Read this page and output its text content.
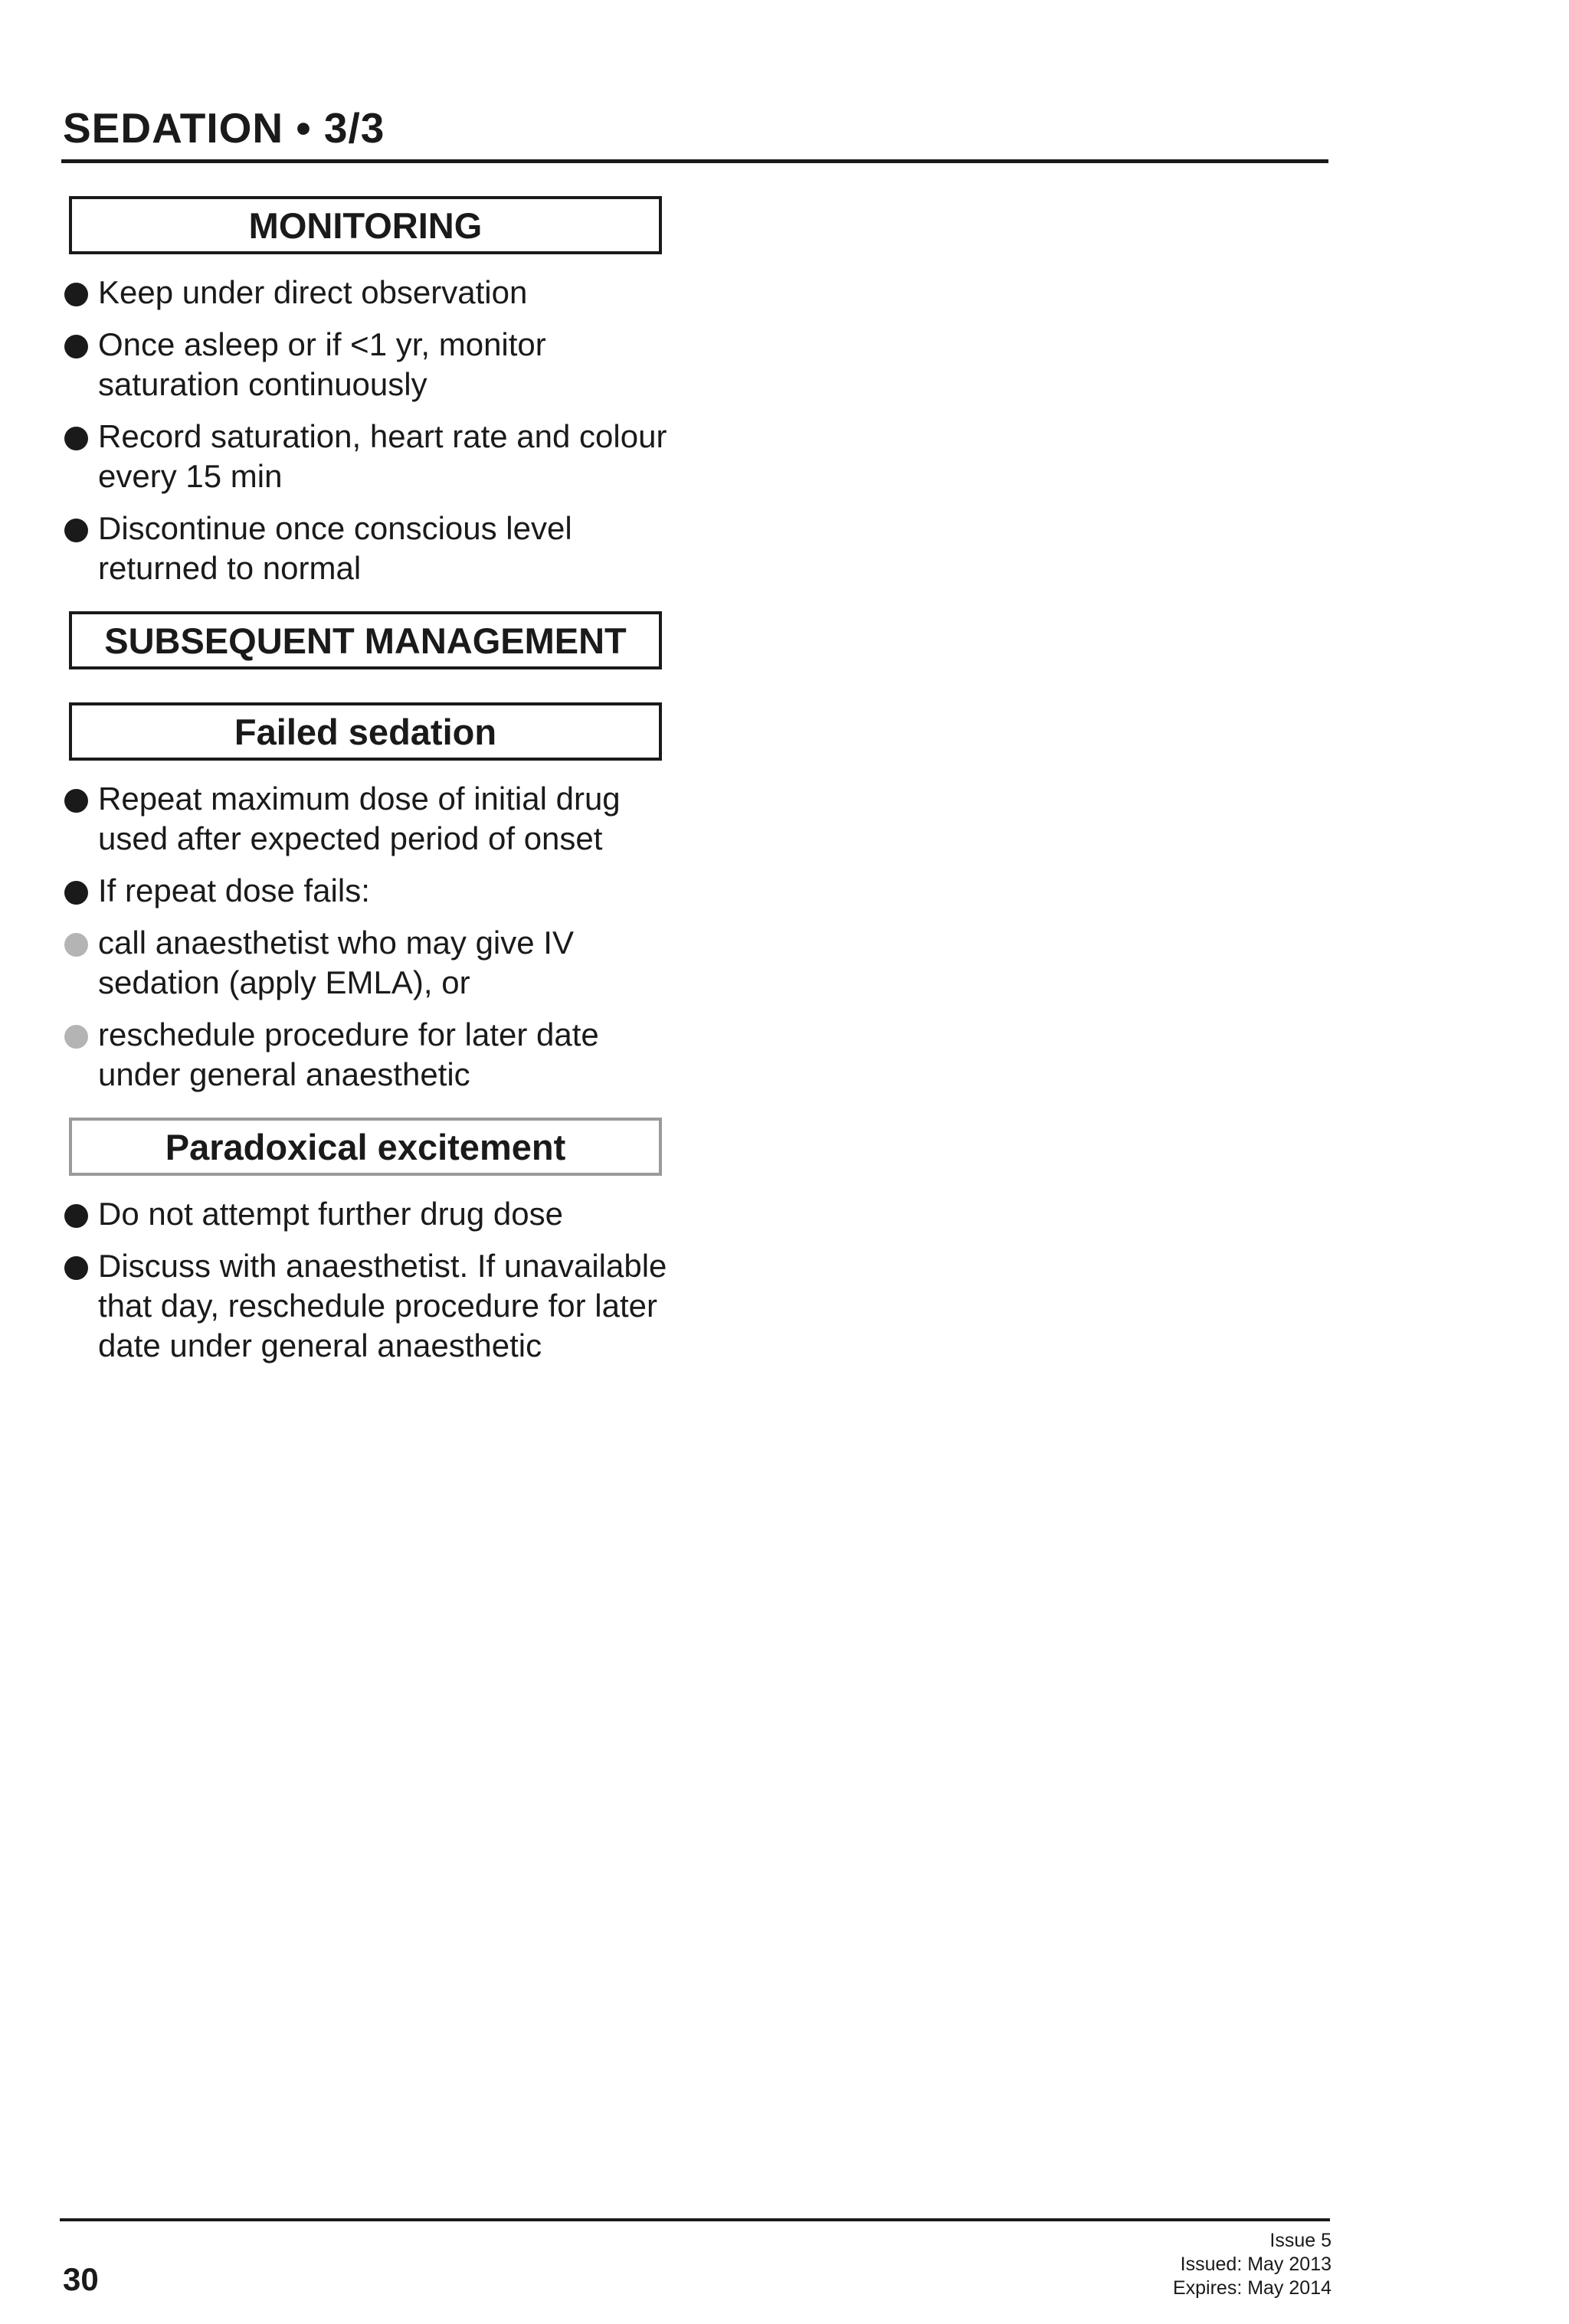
SEDATION • 3/3
MONITORING
Keep under direct observation
Once asleep or if <1 yr, monitor saturation continuously
Record saturation, heart rate and colour every 15 min
Discontinue once conscious level returned to normal
SUBSEQUENT MANAGEMENT
Failed sedation
Repeat maximum dose of initial drug used after expected period of onset
If repeat dose fails:
call anaesthetist who may give IV sedation (apply EMLA), or
reschedule procedure for later date under general anaesthetic
Paradoxical excitement
Do not attempt further drug dose
Discuss with anaesthetist. If unavailable that day, reschedule procedure for later date under general anaesthetic
30
Issue 5
Issued: May 2013
Expires: May 2014
